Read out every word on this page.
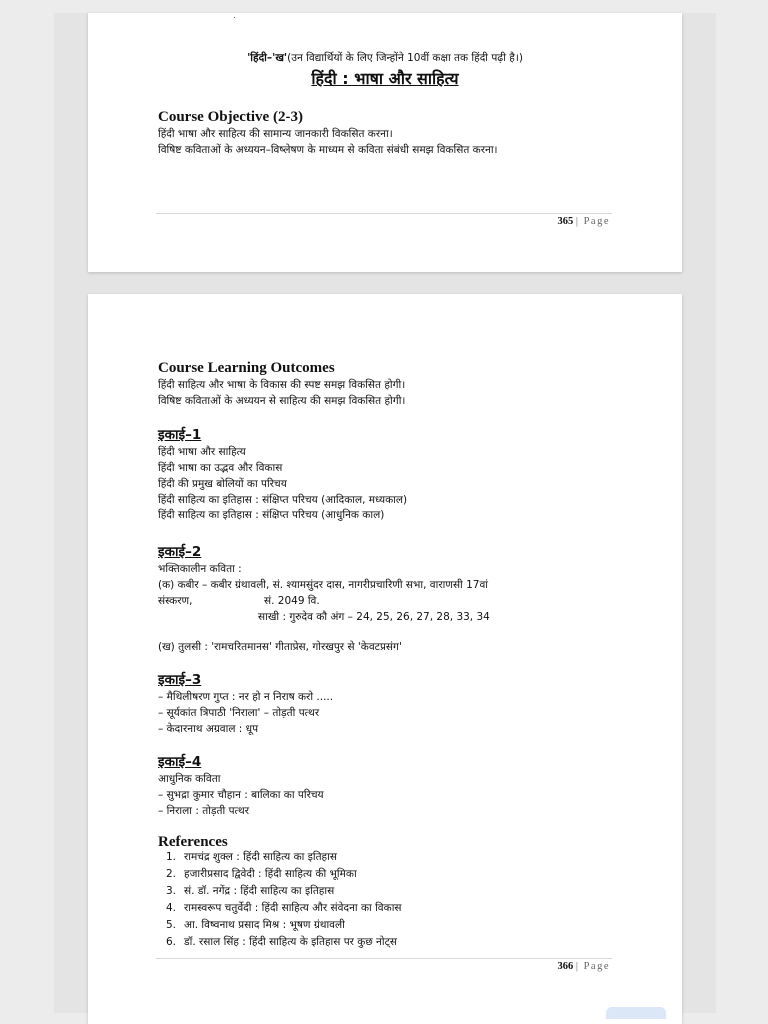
.
'हिंदी–'ख'(उन विद्यार्थियों के लिए जिन्होंने 10वीं कक्षा तक हिंदी पढ़ी है।)
हिंदी : भाषा और साहित्य
Course Objective (2-3)
हिंदी भाषा और साहित्य की सामान्य जानकारी विकसित करना।
विषिष्ट कविताओं के अध्ययन–विष्लेषण के माध्यम से कविता संबंधी समझ विकसित करना।
365 | Page
Course Learning Outcomes
हिंदी साहित्य और भाषा के विकास की स्पष्ट समझ विकसित होगी।
विषिष्ट कविताओं के अध्ययन से साहित्य की समझ विकसित होगी।
इकाई–1
हिंदी भाषा और साहित्य
हिंदी भाषा का उद्भव और विकास
हिंदी की प्रमुख बोलियों का परिचय
हिंदी साहित्य का इतिहास : संक्षिप्त परिचय (आदिकाल, मध्यकाल)
हिंदी साहित्य का इतिहास : संक्षिप्त परिचय (आधुनिक काल)
इकाई–2
भक्तिकालीन कविता :
(क) कबीर – कबीर ग्रंथावली, सं. श्यामसुंदर दास, नागरीप्रचारिणी सभा, वाराणसी 17वां
संस्करण,	सं. 2049 वि.
साखी : गुरुदेव कौ अंग – 24, 25, 26, 27, 28, 33, 34
(ख) तुलसी : 'रामचरितमानस' गीताप्रेस, गोरखपुर से 'केवटप्रसंग'
इकाई–3
– मैथिलीषरण गुप्त : नर हो न निराष करो .....
– सूर्यकांत त्रिपाठी 'निराला' – तोड़ती पत्थर
– केदारनाथ अग्रवाल : धूप
इकाई–4
आधुनिक कविता
– सुभद्रा कुमार चौहान : बालिका का परिचय
– निराला : तोड़ती पत्थर
References
1. रामचंद्र शुक्ल : हिंदी साहित्य का इतिहास
2. हजारीप्रसाद द्विवेदी : हिंदी साहित्य की भूमिका
3. सं. डॉ. नगेंद्र : हिंदी साहित्य का इतिहास
4. रामस्वरूप चतुर्वेदी : हिंदी साहित्य और संवेदना का विकास
5. आ. विष्वनाथ प्रसाद मिश्र : भूषण ग्रंथावली
6. डॉ. रसाल सिंह : हिंदी साहित्य के इतिहास पर कुछ नोट्स
366 | Page
